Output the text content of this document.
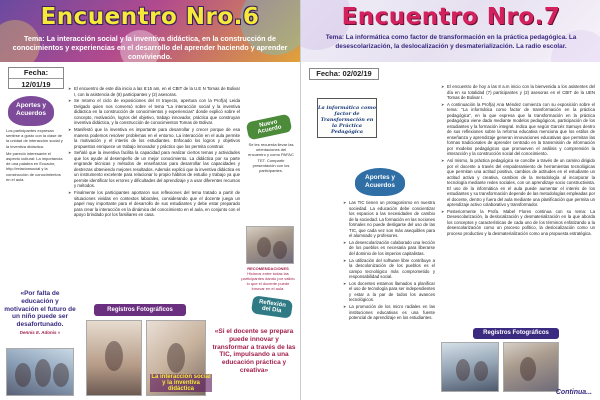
Encuentro Nro.6
Tema: La interacción social y la inventiva didáctica, en la construcción de conocimientos y experiencias en el desarrollo del aprender haciendo y aprender conviviendo.
Fecha:
12/01/19
Aportes y Acuerdos
Los participantes expresan sentirse a gusto con la clase de la unidad de interacción social y la inventiva didáctica.
Me pareció interesante el aspecto cultural: La importancia de una palabra en Ecuador, http://relacionsocial y la construcción de conocimientos en el aula.
➤ El encuentro de este día inicio a las 8:15 am, en el CBIT de la U.E N Tomas de Bolivar I, con la asistencia de (8) participantes y (2) asesoras.
➤ Se retomo el ciclo de exposiciones del III trayecto, apertura con la Prof(a) Leida Delgado quien nos conversó sobre el tema "La interacción social y la inventiva didáctica en la construcción de conocimientos y experiencias" donde explicó sobre el concepto, motivación, logros del objetivo, trabajo innovador, práctica que construyan inventiva didáctica, y la construcción de conocimientos Tomas de Bolivar.
➤ Manifestó que la inventiva es importante para desarrollar y crecer porque de esa manera podemos resolver problemas en el entorno. La interacción en el aula permite la motivación y el interés de los estudiantes. Enfocado los logros y objetivos propuestos enriquece un trabajo innovador y práctico que los permita construir.
➤ Señaló que la inventiva facilita la capacidad para realizar ciertos temas y actividades que los ayude al desempeño de un mejor conocimiento. La didáctica por su parte engrande técnicas y métodos de enseñanzas para desarrollar las capacidades y destrezas obteniendo mejores resultados. Además explicó que la inventiva didáctica es un instrumento excelente para relacionar lo propio hábitos de estudio y trabajo ya que permite identificar los errores y dificultades del aprendizaje y a usar diferentes recursos y métodos.
➤ Finalmente los participantes aportaron sus reflexiones del tema tratado a partir de situaciones vividas en contextos laborales, considerando que el docente juega un papel muy importante para el desarrollo de sus estudiantes y debe estar preparado para crear la interacción en la dinámica del conocimiento en el aula, en conjunto con el apoyo brindado por los familiares en casa.
Nuevo Acuerdo
Se les recuerda llevar las orientaciones del encuentro y como PAFAC TET. Compartir presentación con los participantes.
RECOMENDACIONES
Hicimos entre todas las participantes dando por valido lo que el docente puede innovar en el aula.
«Por falta de educación y motivación el futuro de un niño puede ser desafortunado.
Dennis E. Adonis »
Registros Fotográficos
La interacción social y la inventiva didáctica
Reflexión del Día
«Si el docente se prepara puede innovar y transformar a través de las TIC, impulsando a una educación práctica y creativa»
Encuentro Nro.7
Tema: La informática como factor de transformación en la práctica pedagógica. La desescolarización, la deslocalización y desmaterialización. La radio escolar.
Fecha: 02/02/19
La informática como factor de Transformación en la Práctica Pedagógica
➤ El encuentro de hoy a las 8 a.m inicio con la bienvenida a los asistentes del día en su totalidad (7) participantes y (2) asesoras en el CBIT de la UEN Tomas de Bolivar I.
➤ A continuación la Prof(a) Ana Méndez comienza con su exposición sobre el tema: "La informática como factor de transformación en la práctica pedagógica", en la que expresa que la transformación en la práctica pedagógica viene dada mediante modelos pedagógicos, participación de los estudiantes y la formación integral. Indica que según Garcés Samuys dentro de sus reflexiones sobre la reforma educativa menciona que los estilos de enseñanza y aprendizaje generan innovaciones educativas que permitan las formas tradicionales de aprender centrado en la transmisión de información por modelos pedagógicos que promueven el análisis y comprensión la interacción y la construcción social del conocimiento.
➤ Así mismo, la práctica pedagógica se concibe a través de un camino dirigido por el docente a través del empoderamiento de herramientas tecnológicas que permitan una actitud positiva, cambios de actitudes en el estudiante un actitud activa y creativa, cambios de la metodología al incorporar la tecnología mediante redes sociales, con un aprendizaje socio constructivista. El uso de la informática en el aula puede aumentar el interés de los estudiantes y su transformación depende de las metodologías empleadas por el docente, dentro y fuera del aula mediante una planificación que permita un aprendizaje activo colaborativo y transformador.
➤ Posteriormente la Profa. Mabel Flores continua con su tema: La Desescolarización, la deslocalización y desmaterialización en la que aborda los conceptos y características de cada uno de los términos enfatizando a la desescolarización como un proceso político, la deslocalización como un proceso productivo y la desmaterialización como una propuesta estratégica.
Aportes y Acuerdos
➤ Las TIC tienen un protagonismo en nuestra sociedad. La educación debe concientizar los espacios a las necesidades de cambio de la sociedad. La formación en las nociones formales no puede desligarse del uso de las TIC, que cada vez son más asequibles para el alumnado y profesores.
➤ La desescolarización colaborado una lección de los pueblos es necesaria para liberarse del dominio de los imperios capitalistas.
➤ La utilización del software libre contribuye a la descolonización de los pueblos es el campo tecnológico más comprometido y responsabilidad social.
➤ Los docentes estamos llamados a planificar el uso de tecnología para ser independientes y estar a la par de todos los avances tecnológicos.
➤ La promoción de los micro radiales en las instituciones educativas es una fuente potencial de aprendizaje en los estudiantes.
Registros Fotográficos
Continua...
